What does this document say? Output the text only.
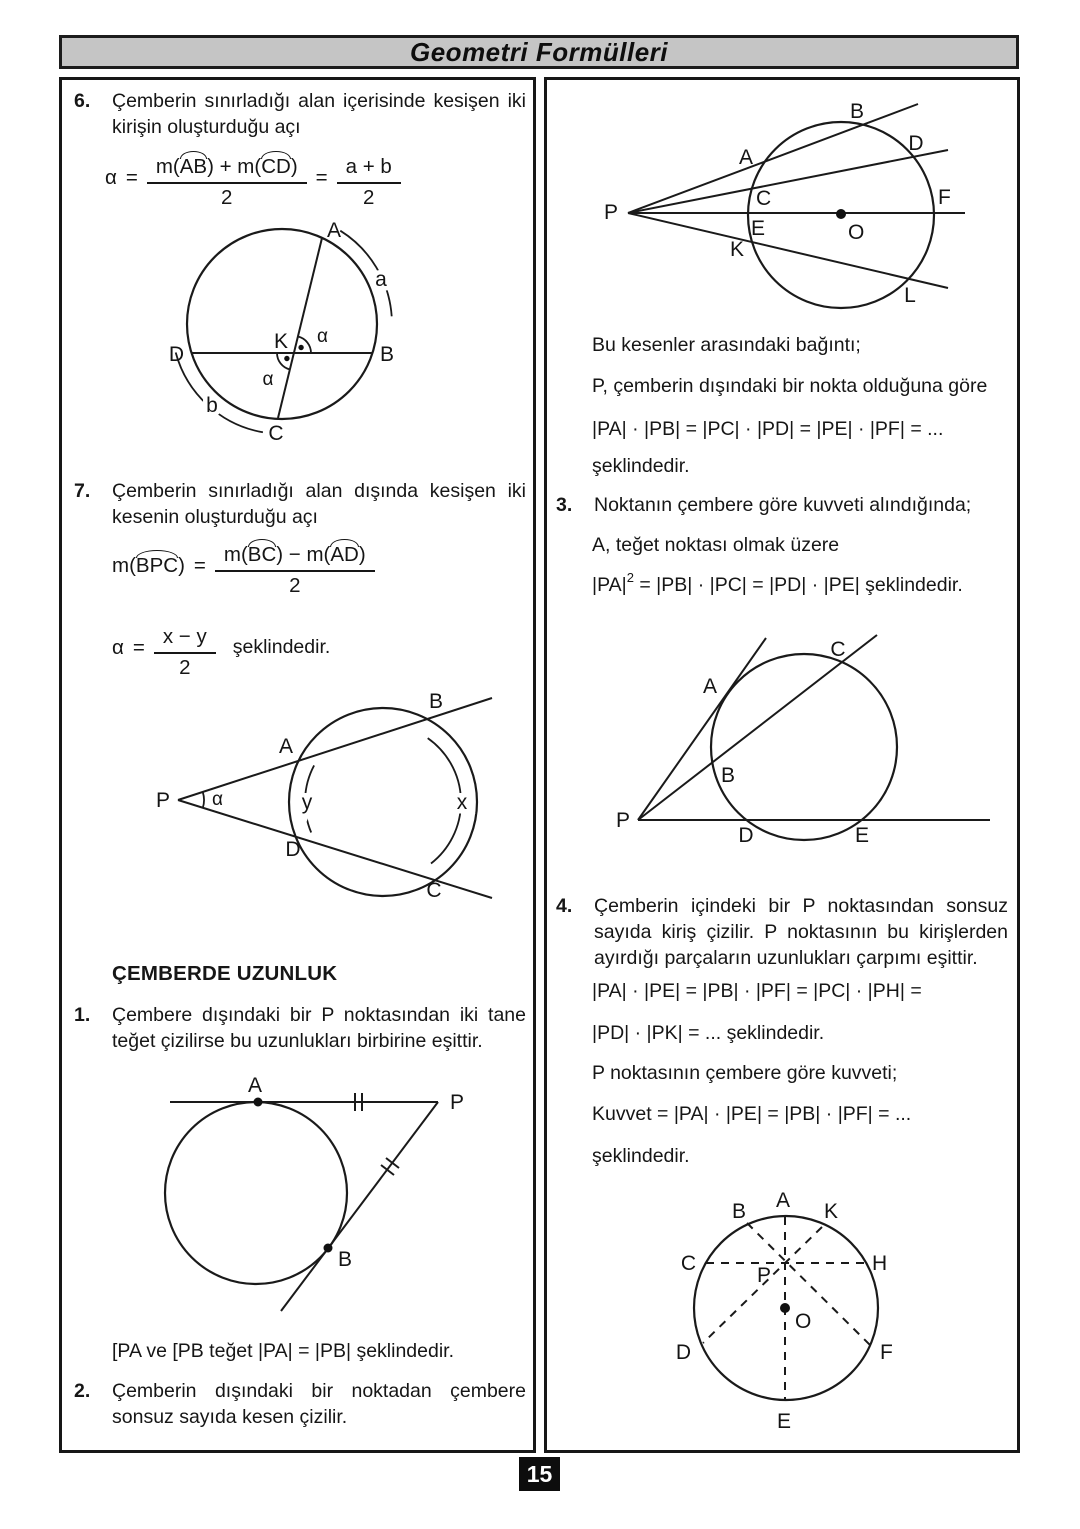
Geometri Formülleri
6.	Çemberin sınırladığı alan içerisinde kesişen iki kirişin oluşturduğu açı
$\alpha = \frac{m(AB) + m(CD)}{2} = \frac{a + b}{2}$
A
a
K α
B
D
α
b
C
7.	Çemberin sınırladığı alan dışında kesişen iki kesenin oluşturduğu açı
$m(BPC) = \frac{m(BC) - m(AD)}{2}$
$\alpha = \frac{x - y}{2}$ şeklindedir.
B
A
P α	y	x
D
C
ÇEMBERDE UZUNLUK
1.	Çembere dışındaki bir P noktasından iki tane teğet çizilirse bu uzunlukları birbirine eşittir.
A
P
B
[PA ve [PB teğet |PA| = |PB| şeklindedir.
2.	Çemberin dışındaki bir noktadan çembere sonsuz sayıda kesen çizilir.
P
A
B
D
C	F
E	O
K
L
Bu kesenler arasındaki bağıntı;
P, çemberin dışındaki bir nokta olduğuna göre
|PA| · |PB| = |PC| · |PD| = |PE| · |PF| = ...
şeklindedir.
3.	Noktanın çembere göre kuvveti alındığında;
A, teğet noktası olmak üzere
$|PA|^2 = |PB| \cdot |PC| = |PD| \cdot |PE|$ şeklindedir.
A
C
B
P
D	E
4.	Çemberin içindeki bir P noktasından sonsuz sayıda kiriş çizilir. P noktasının bu kirişlerden ayırdığı parçaların uzunlukları çarpımı eşittir.
|PA| · |PE| = |PB| · |PF| = |PC| · |PH| =
|PD| · |PK| = ... şeklindedir.
P noktasının çembere göre kuvveti;
Kuvvet = |PA| · |PE| = |PB| · |PF| = ...
şeklindedir.
A
B	K
C	H
P
O
D	F
E
15
